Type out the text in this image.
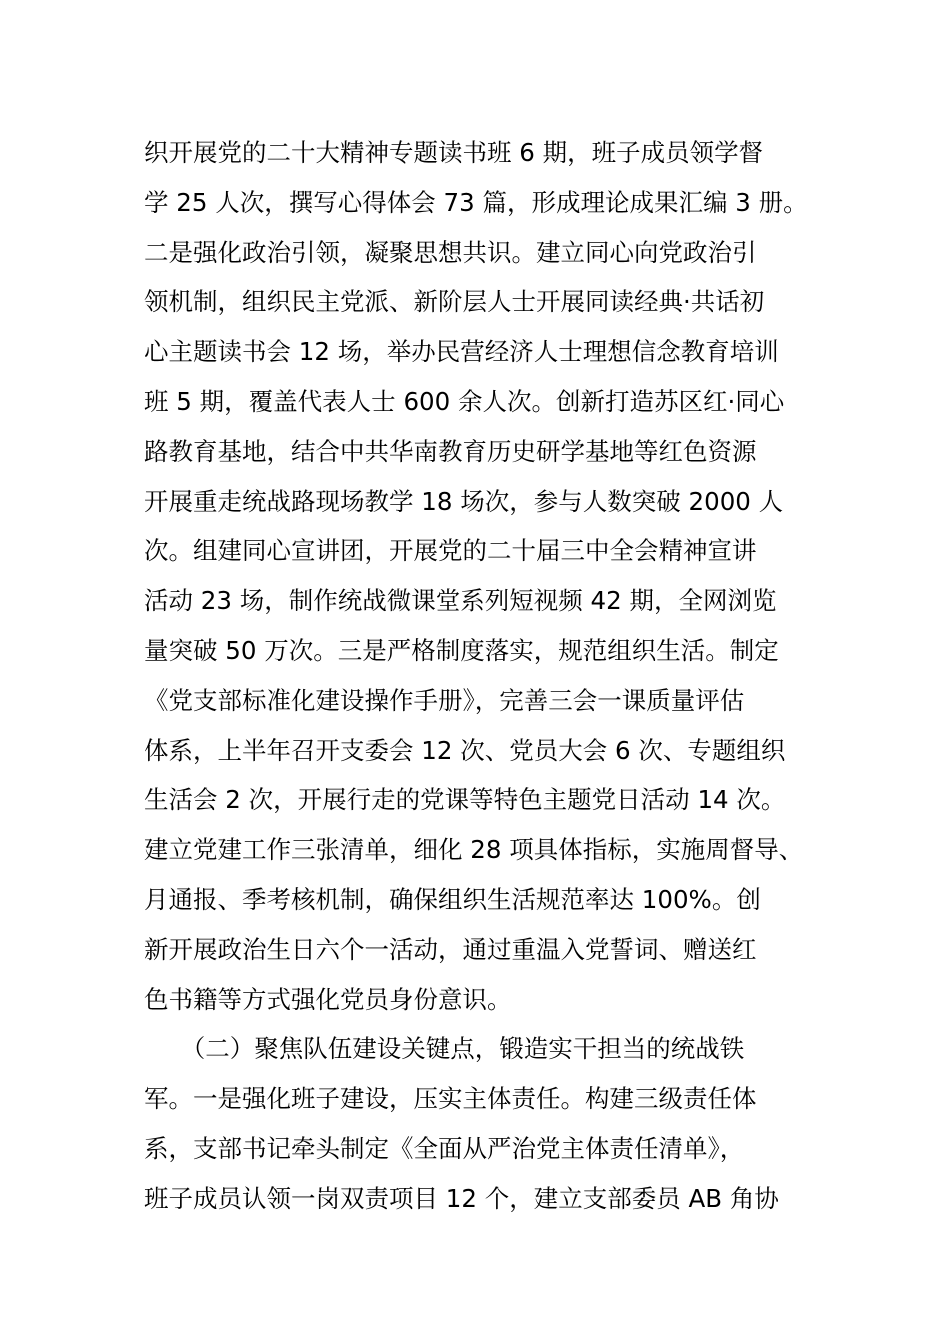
织开展党的二十大精神专题读书班 6 期，班子成员领学督
学 25 人次，撰写心得体会 73 篇，形成理论成果汇编 3 册。
二是强化政治引领，凝聚思想共识。建立同心向党政治引
领机制，组织民主党派、新阶层人士开展同读经典·共话初
心主题读书会 12 场，举办民营经济人士理想信念教育培训
班 5 期，覆盖代表人士 600 余人次。创新打造苏区红·同心
路教育基地，结合中共华南教育历史研学基地等红色资源
开展重走统战路现场教学 18 场次，参与人数突破 2000 人
次。组建同心宣讲团，开展党的二十届三中全会精神宣讲
活动 23 场，制作统战微课堂系列短视频 42 期，全网浏览
量突破 50 万次。三是严格制度落实，规范组织生活。制定
《党支部标准化建设操作手册》，完善三会一课质量评估
体系，上半年召开支委会 12 次、党员大会 6 次、专题组织
生活会 2 次，开展行走的党课等特色主题党日活动 14 次。
建立党建工作三张清单，细化 28 项具体指标，实施周督导、
月通报、季考核机制，确保组织生活规范率达 100%。创
新开展政治生日六个一活动，通过重温入党誓词、赠送红
色书籍等方式强化党员身份意识。
　　（二）聚焦队伍建设关键点，锻造实干担当的统战铁
军。一是强化班子建设，压实主体责任。构建三级责任体
系，支部书记牵头制定《全面从严治党主体责任清单》，
班子成员认领一岗双责项目 12 个，建立支部委员 AB 角协
